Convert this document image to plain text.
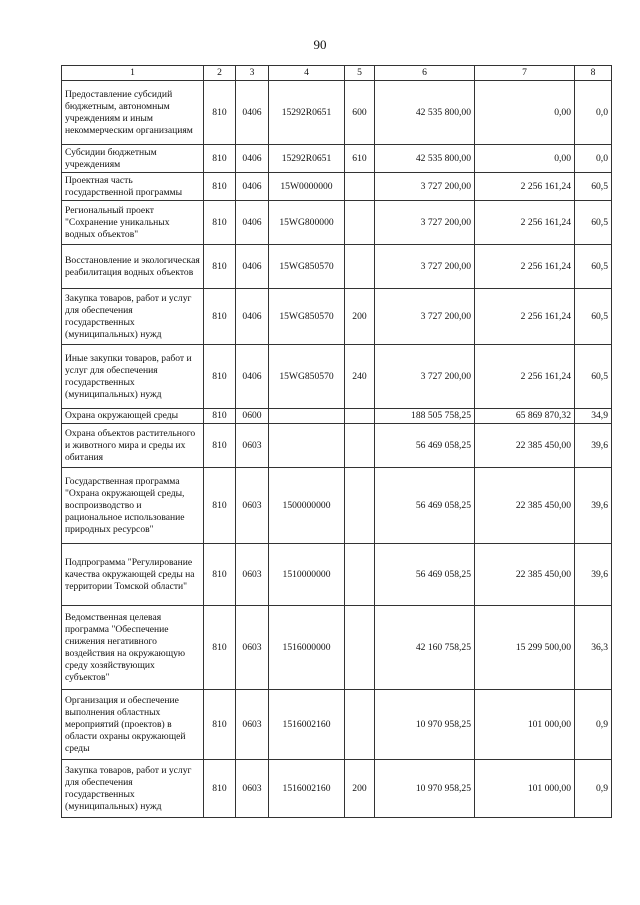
90
1	2	3	4	5	6	7	8
Предоставление субсидий бюджетным, автономным учреждениям и иным некоммерческим организациям	810	0406	15292R0651	600	42 535 800,00	0,00	0,0
Субсидии бюджетным учреждениям	810	0406	15292R0651	610	42 535 800,00	0,00	0,0
Проектная часть государственной программы	810	0406	15W0000000		3 727 200,00	2 256 161,24	60,5
Региональный проект "Сохранение уникальных водных объектов"	810	0406	15WG800000		3 727 200,00	2 256 161,24	60,5
Восстановление и экологическая реабилитация водных объектов	810	0406	15WG850570		3 727 200,00	2 256 161,24	60,5
Закупка товаров, работ и услуг для обеспечения государственных (муниципальных) нужд	810	0406	15WG850570	200	3 727 200,00	2 256 161,24	60,5
Иные закупки товаров, работ и услуг для обеспечения государственных (муниципальных) нужд	810	0406	15WG850570	240	3 727 200,00	2 256 161,24	60,5
Охрана окружающей среды	810	0600			188 505 758,25	65 869 870,32	34,9
Охрана объектов растительного и животного мира и среды их обитания	810	0603			56 469 058,25	22 385 450,00	39,6
Государственная программа "Охрана окружающей среды, воспроизводство и рациональное использование природных ресурсов"	810	0603	1500000000		56 469 058,25	22 385 450,00	39,6
Подпрограмма "Регулирование качества окружающей среды на территории Томской области"	810	0603	1510000000		56 469 058,25	22 385 450,00	39,6
Ведомственная целевая программа "Обеспечение снижения негативного воздействия на окружающую среду хозяйствующих субъектов"	810	0603	1516000000		42 160 758,25	15 299 500,00	36,3
Организация и обеспечение выполнения областных мероприятий (проектов) в области охраны окружающей среды	810	0603	1516002160		10 970 958,25	101 000,00	0,9
Закупка товаров, работ и услуг для обеспечения государственных (муниципальных) нужд	810	0603	1516002160	200	10 970 958,25	101 000,00	0,9
